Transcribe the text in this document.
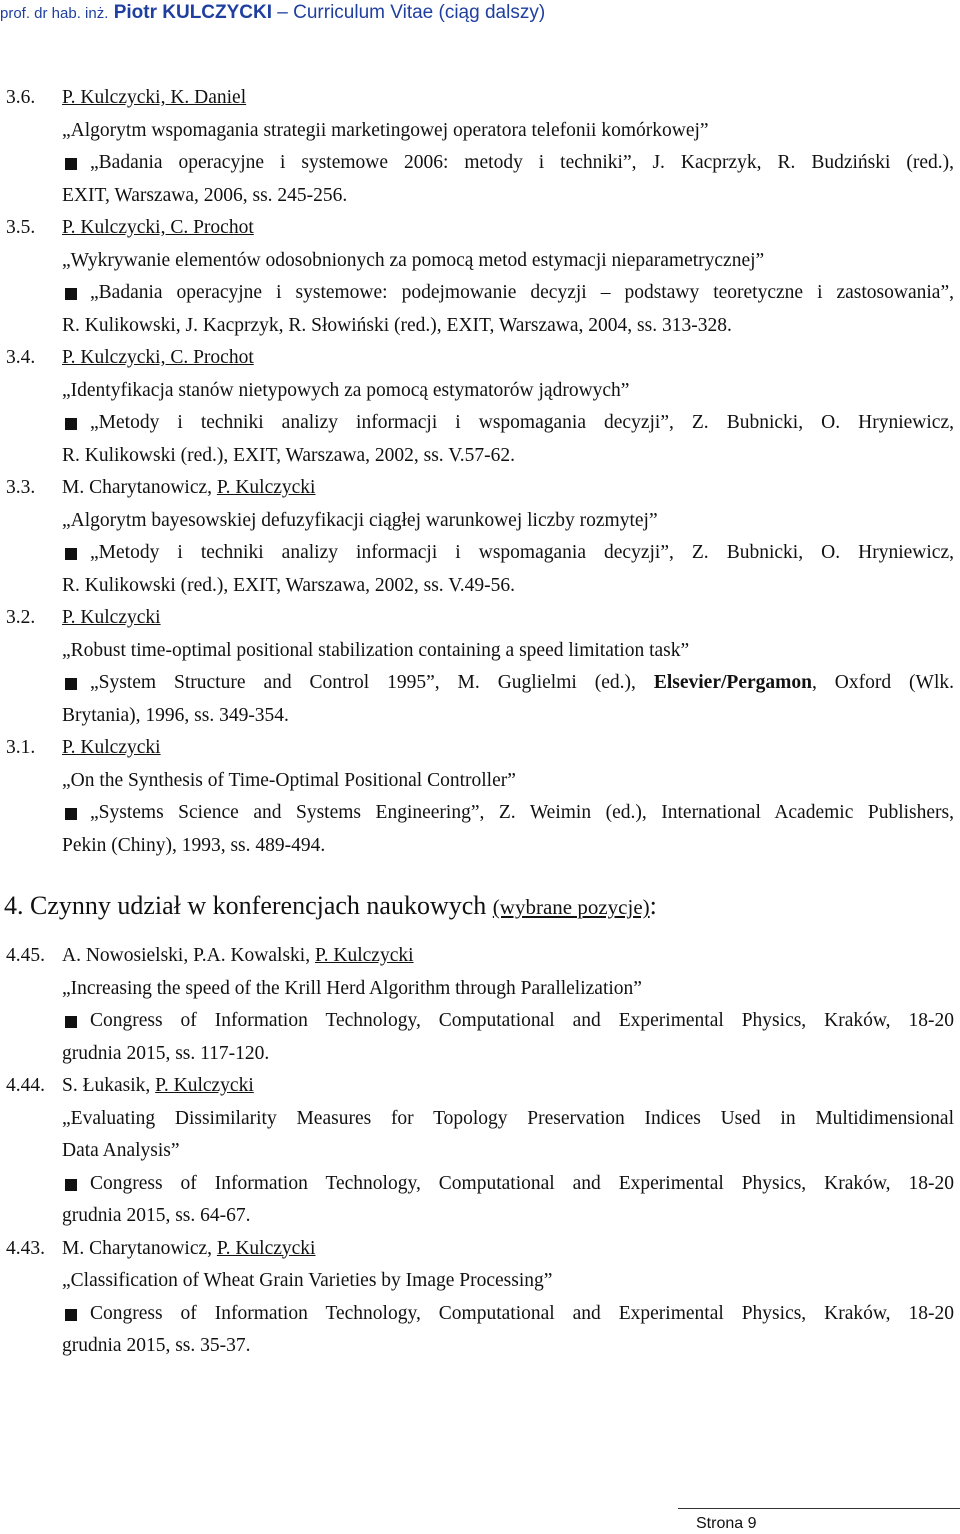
prof. dr hab. inż. Piotr KULCZYCKI – Curriculum Vitae (ciąg dalszy)
3.6. P. Kulczycki, K. Daniel
„Algorytm wspomagania strategii marketingowej operatora telefonii komórkowej”
„Badania operacyjne i systemowe 2006: metody i techniki”, J. Kacprzyk, R. Budziński (red.),
EXIT, Warszawa, 2006, ss. 245-256.
3.5. P. Kulczycki, C. Prochot
„Wykrywanie elementów odosobnionych za pomocą metod estymacji nieparametrycznej”
„Badania operacyjne i systemowe: podejmowanie decyzji – podstawy teoretyczne i zastosowania”,
R. Kulikowski, J. Kacprzyk, R. Słowiński (red.), EXIT, Warszawa, 2004, ss. 313-328.
3.4. P. Kulczycki, C. Prochot
„Identyfikacja stanów nietypowych za pomocą estymatorów jądrowych”
„Metody i techniki analizy informacji i wspomagania decyzji”, Z. Bubnicki, O. Hryniewicz,
R. Kulikowski (red.), EXIT, Warszawa, 2002, ss. V.57-62.
3.3. M. Charytanowicz, P. Kulczycki
„Algorytm bayesowskiej defuzyfikacji ciągłej warunkowej liczby rozmytej”
„Metody i techniki analizy informacji i wspomagania decyzji”, Z. Bubnicki, O. Hryniewicz,
R. Kulikowski (red.), EXIT, Warszawa, 2002, ss. V.49-56.
3.2. P. Kulczycki
„Robust time-optimal positional stabilization containing a speed limitation task”
„System Structure and Control 1995”, M. Guglielmi (ed.), Elsevier/Pergamon, Oxford (Wlk.
Brytania), 1996, ss. 349-354.
3.1. P. Kulczycki
„On the Synthesis of Time-Optimal Positional Controller”
„Systems Science and Systems Engineering”, Z. Weimin (ed.), International Academic Publishers,
Pekin (Chiny), 1993, ss. 489-494.
4. Czynny udział w konferencjach naukowych (wybrane pozycje):
4.45. A. Nowosielski, P.A. Kowalski, P. Kulczycki
„Increasing the speed of the Krill Herd Algorithm through Parallelization”
Congress of Information Technology, Computational and Experimental Physics, Kraków, 18-20
grudnia 2015, ss. 117-120.
4.44. S. Łukasik, P. Kulczycki
„Evaluating Dissimilarity Measures for Topology Preservation Indices Used in Multidimensional
Data Analysis”
Congress of Information Technology, Computational and Experimental Physics, Kraków, 18-20
grudnia 2015, ss. 64-67.
4.43. M. Charytanowicz, P. Kulczycki
„Classification of Wheat Grain Varieties by Image Processing”
Congress of Information Technology, Computational and Experimental Physics, Kraków, 18-20
grudnia 2015, ss. 35-37.
Strona 9
